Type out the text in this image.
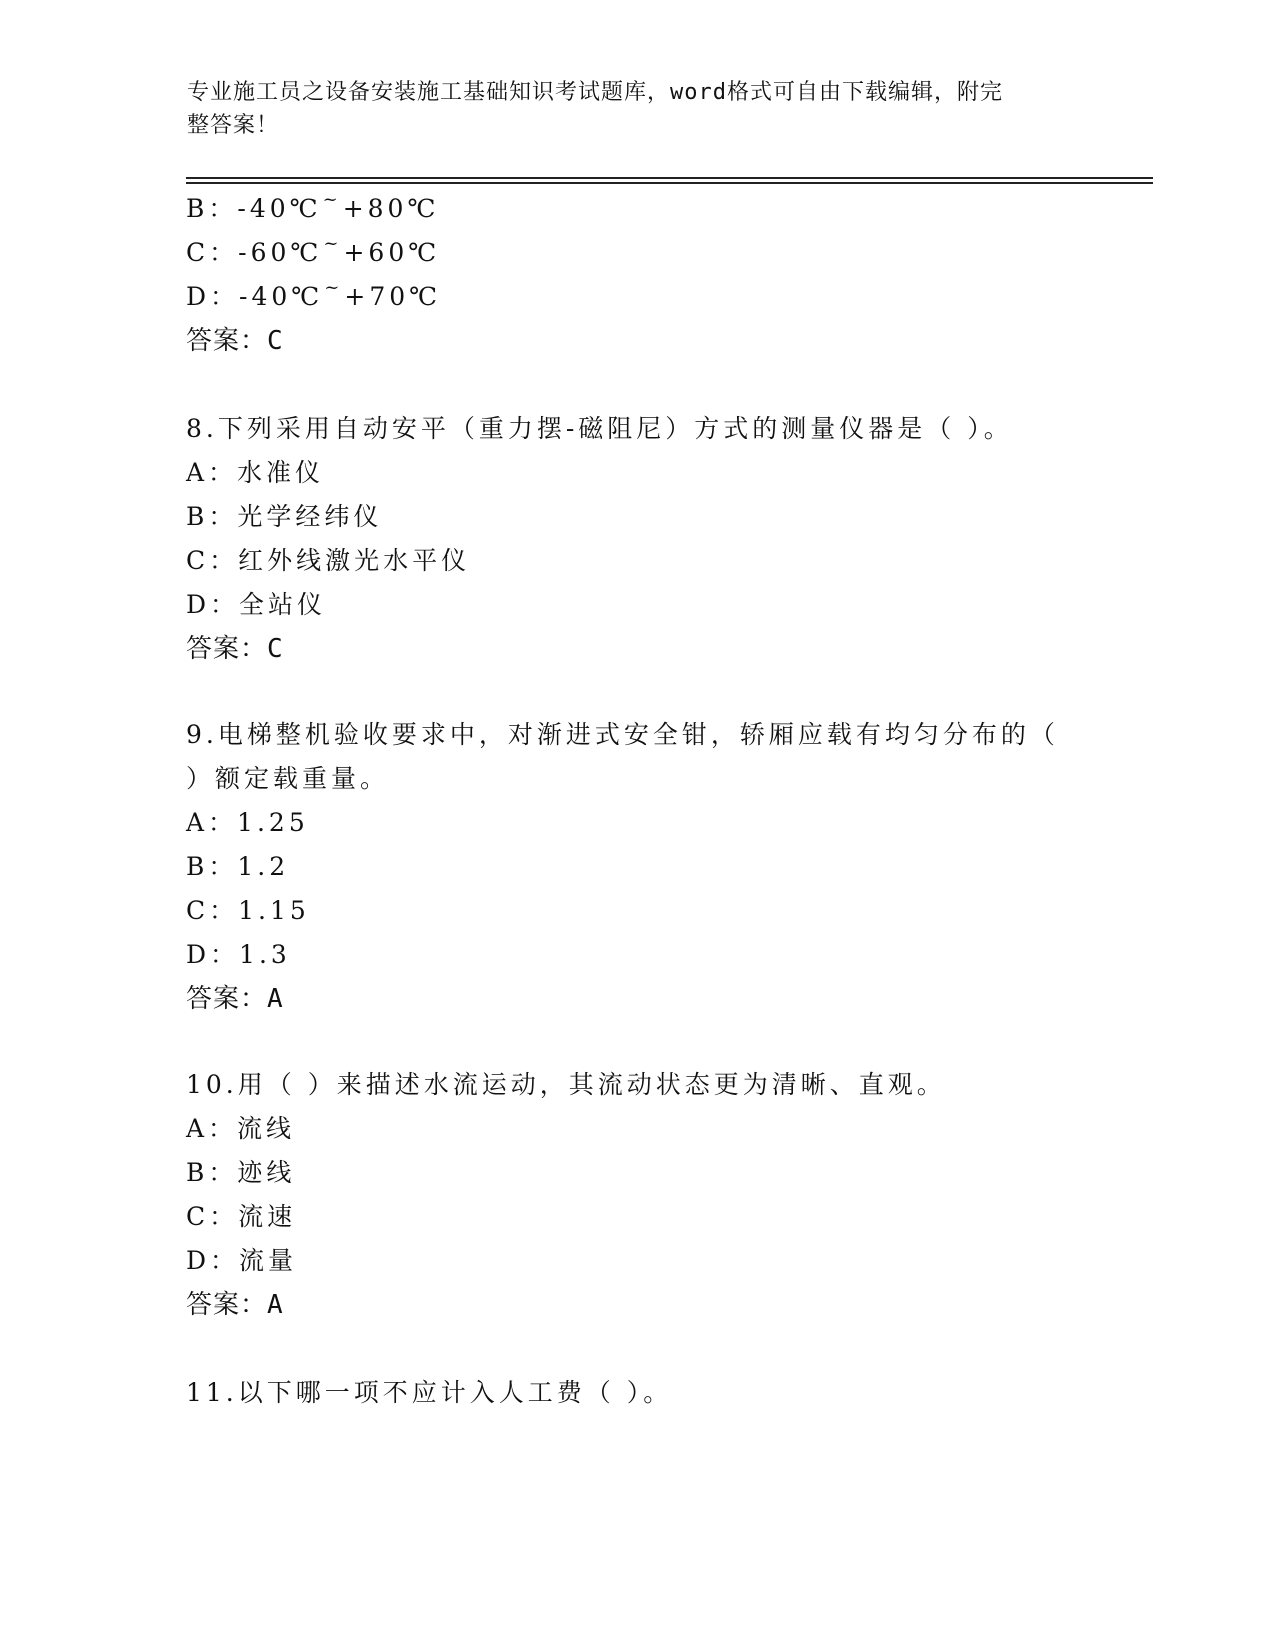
专业施工员之设备安装施工基础知识考试题库，word格式可自由下载编辑，附完
整答案！
B：-40℃~+80℃
C：-60℃~+60℃
D：-40℃~+70℃
答案：C
8.下列采用自动安平（重力摆-磁阻尼）方式的测量仪器是（ ）。
A：水准仪
B：光学经纬仪
C：红外线激光水平仪
D：全站仪
答案：C
9.电梯整机验收要求中，对渐进式安全钳，轿厢应载有均匀分布的（
）额定载重量。
A：1.25
B：1.2
C：1.15
D：1.3
答案：A
10.用（ ）来描述水流运动，其流动状态更为清晰、直观。
A：流线
B：迹线
C：流速
D：流量
答案：A
11.以下哪一项不应计入人工费（ ）。
